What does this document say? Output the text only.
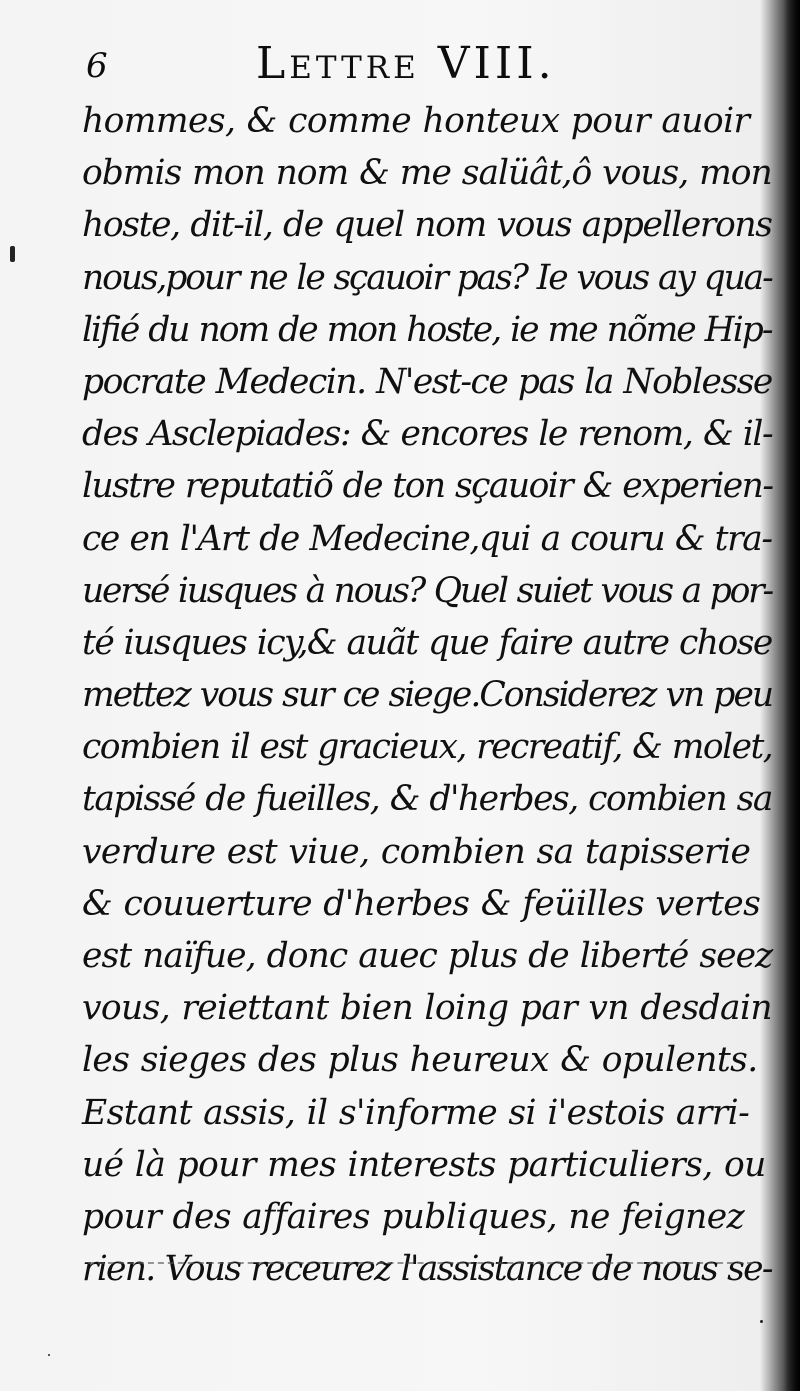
6	Lettre VIII.
hommes, & comme honteux pour auoir
obmis mon nom & me salüât,ô vous, mon
hoste, dit-il, de quel nom vous appellerons
nous,pour ne le sçauoir pas? Ie vous ay qua-
lifié du nom de mon hoste, ie me nõme Hip-
pocrate Medecin. N'est-ce pas la Noblesse
des Asclepiades: & encores le renom, & il-
lustre reputatiõ de ton sçauoir & experien-
ce en l'Art de Medecine,qui a couru & tra-
uersé iusques à nous? Quel suiet vous a por-
té iusques icy,& auãt que faire autre chose
mettez vous sur ce siege.Considerez vn peu
combien il est gracieux, recreatif, & molet,
tapissé de fueilles, & d'herbes, combien sa
verdure est viue, combien sa tapisserie
& couuerture d'herbes & feüilles vertes
est naïfue, donc auec plus de liberté seez
vous, reiettant bien loing par vn desdain
les sieges des plus heureux & opulents.
Estant assis, il s'informe si i'estois arri-
ué là pour mes interests particuliers, ou
pour des affaires publiques, ne feignez
rien. Vous receurez l'assistance de nous se-
